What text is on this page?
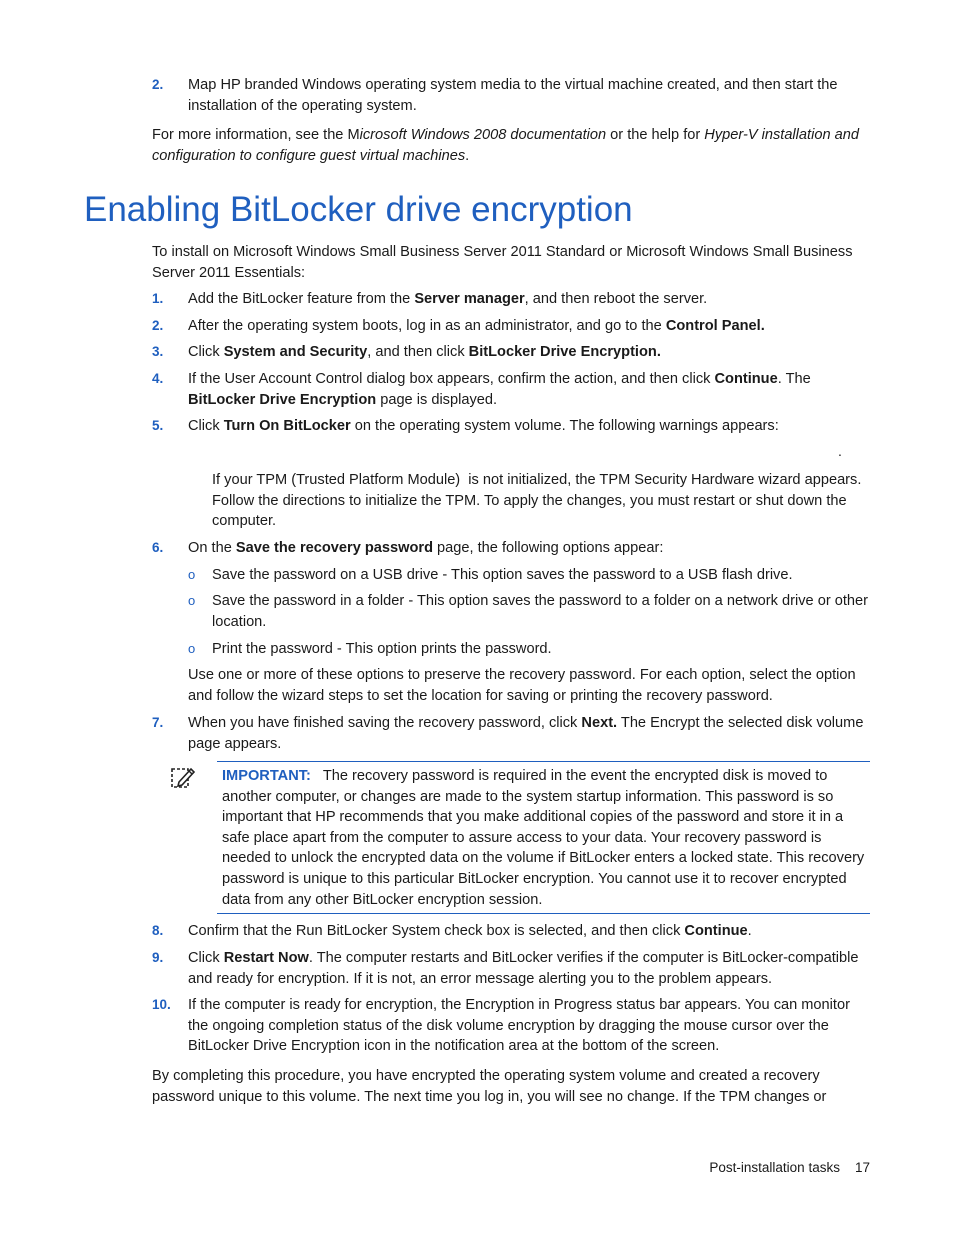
2. Map HP branded Windows operating system media to the virtual machine created, and then start the installation of the operating system.
For more information, see the Microsoft Windows 2008 documentation or the help for Hyper-V installation and configuration to configure guest virtual machines.
Enabling BitLocker drive encryption
To install on Microsoft Windows Small Business Server 2011 Standard or Microsoft Windows Small Business Server 2011 Essentials:
1. Add the BitLocker feature from the Server manager, and then reboot the server.
2. After the operating system boots, log in as an administrator, and go to the Control Panel.
3. Click System and Security, and then click BitLocker Drive Encryption.
4. If the User Account Control dialog box appears, confirm the action, and then click Continue. The BitLocker Drive Encryption page is displayed.
5. Click Turn On BitLocker on the operating system volume. The following warnings appears:
.
If your TPM (Trusted Platform Module)  is not initialized, the TPM Security Hardware wizard appears. Follow the directions to initialize the TPM. To apply the changes, you must restart or shut down the computer.
6. On the Save the recovery password page, the following options appear:
o Save the password on a USB drive - This option saves the password to a USB flash drive.
o Save the password in a folder - This option saves the password to a folder on a network drive or other location.
o Print the password - This option prints the password.
Use one or more of these options to preserve the recovery password. For each option, select the option and follow the wizard steps to set the location for saving or printing the recovery password.
7. When you have finished saving the recovery password, click Next. The Encrypt the selected disk volume page appears.
IMPORTANT: The recovery password is required in the event the encrypted disk is moved to another computer, or changes are made to the system startup information. This password is so important that HP recommends that you make additional copies of the password and store it in a safe place apart from the computer to assure access to your data. Your recovery password is needed to unlock the encrypted data on the volume if BitLocker enters a locked state. This recovery password is unique to this particular BitLocker encryption. You cannot use it to recover encrypted data from any other BitLocker encryption session.
8. Confirm that the Run BitLocker System check box is selected, and then click Continue.
9. Click Restart Now. The computer restarts and BitLocker verifies if the computer is BitLocker-compatible and ready for encryption. If it is not, an error message alerting you to the problem appears.
10. If the computer is ready for encryption, the Encryption in Progress status bar appears. You can monitor the ongoing completion status of the disk volume encryption by dragging the mouse cursor over the BitLocker Drive Encryption icon in the notification area at the bottom of the screen.
By completing this procedure, you have encrypted the operating system volume and created a recovery password unique to this volume. The next time you log in, you will see no change. If the TPM changes or
Post-installation tasks 17
